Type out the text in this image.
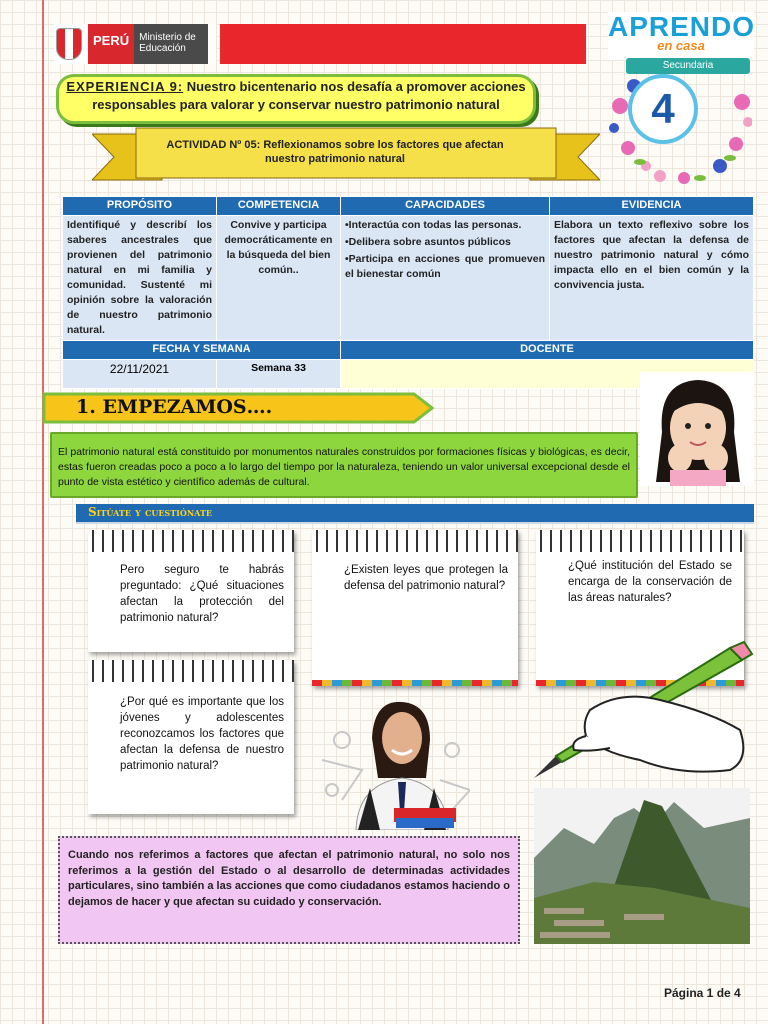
PERÚ	Ministerio de Educación
APRENDO
en casa
Secundaria
4
EXPERIENCIA 9: Nuestro bicentenario nos desafía a promover acciones responsables para valorar y conservar nuestro patrimonio natural
ACTIVIDAD Nº 05: Reflexionamos sobre los factores que afectan nuestro patrimonio natural
PROPÓSITO	COMPETENCIA	CAPACIDADES	EVIDENCIA
Identifiqué y describí los saberes ancestrales que provienen del patrimonio natural en mi familia y comunidad. Sustenté mi opinión sobre la valoración de nuestro patrimonio natural.	Convive y participa democráticamente en la búsqueda del bien común..	•Interactúa con todas las personas.
•Delibera sobre asuntos públicos
•Participa en acciones que promueven el bienestar común	Elabora un texto reflexivo sobre los factores que afectan la defensa de nuestro patrimonio natural y cómo impacta ello en el bien común y la convivencia justa.
FECHA Y SEMANA		DOCENTE	
22/11/2021	Semana 33		
1. EMPEZAMOS….
El patrimonio natural está constituido por monumentos naturales construidos por formaciones físicas y biológicas, es decir, estas fueron creadas poco a poco a lo largo del tiempo por la naturaleza, teniendo un valor universal excepcional desde el punto de vista estético y científico además de cultural.
Sitúate y cuestiónate
Pero seguro te habrás preguntado: ¿Qué situaciones afectan la protección del patrimonio natural?
¿Existen leyes que protegen la defensa del patrimonio natural?
¿Qué institución del Estado se encarga de la conservación de las áreas naturales?
¿Por qué es importante que los jóvenes y adolescentes reconozcamos los factores que afectan la defensa de nuestro patrimonio natural?
Cuando nos referimos a factores que afectan el patrimonio natural, no solo nos referimos a la gestión del Estado o al desarrollo de determinadas actividades particulares, sino también a las acciones que como ciudadanos estamos haciendo o dejamos de hacer y que afectan su cuidado y conservación.
Página 1 de 4
